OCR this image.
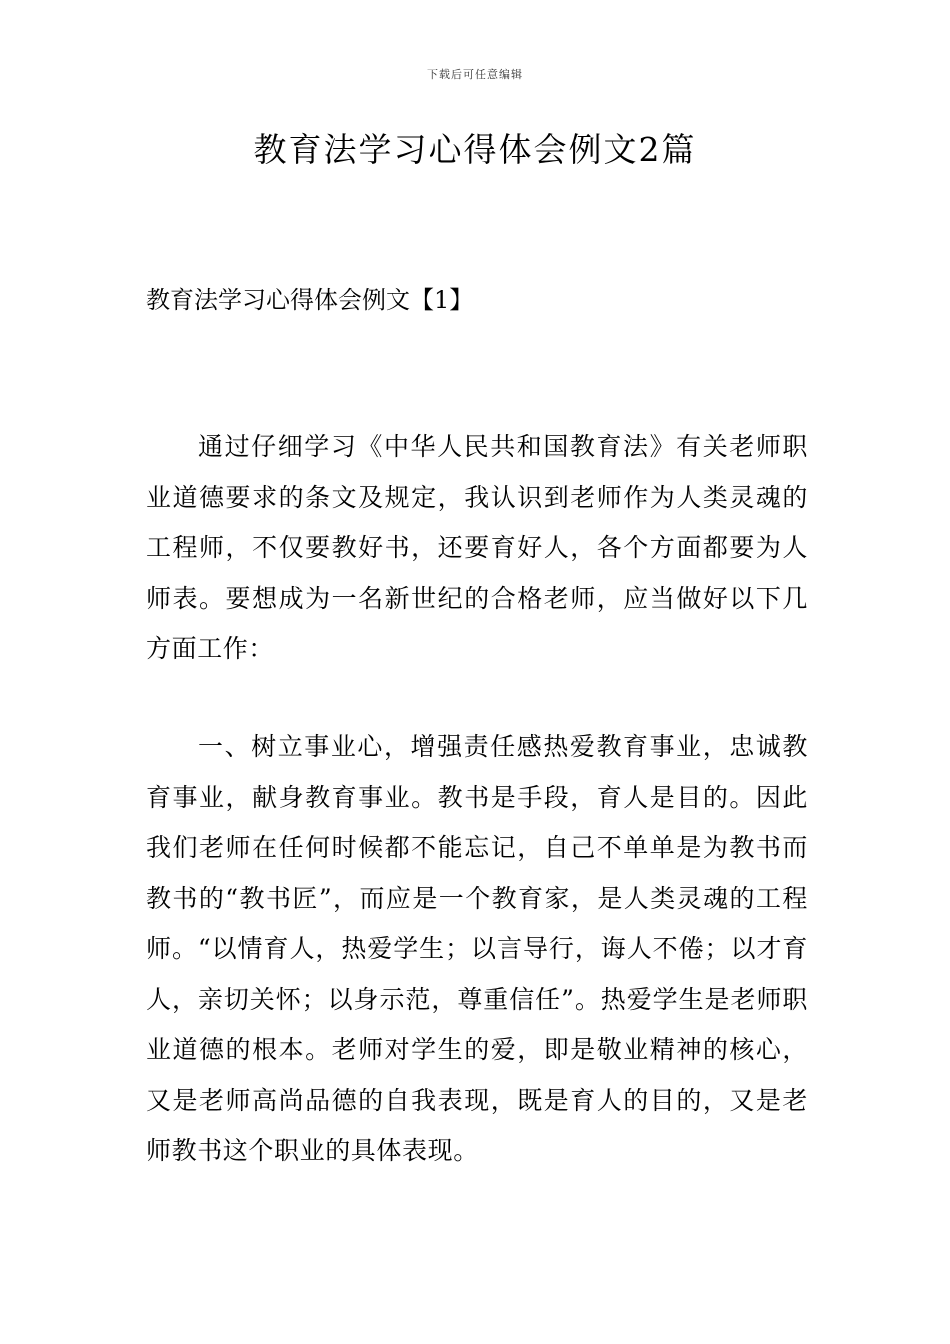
下载后可任意编辑
教育法学习心得体会例文2篇
教育法学习心得体会例文【1】

通过仔细学习《中华人民共和国教育法》有关老师职业道德要求的条文及规定，我认识到老师作为人类灵魂的工程师，不仅要教好书，还要育好人，各个方面都要为人师表。要想成为一名新世纪的合格老师，应当做好以下几方面工作：

一、树立事业心，增强责任感热爱教育事业，忠诚教育事业，献身教育事业。教书是手段，育人是目的。因此我们老师在任何时候都不能忘记，自己不单单是为教书而教书的“教书匠”，而应是一个教育家，是人类灵魂的工程师。“以情育人，热爱学生；以言导行，诲人不倦；以才育人，亲切关怀；以身示范，尊重信任”。热爱学生是老师职业道德的根本。老师对学生的爱，即是敬业精神的核心，又是老师高尚品德的自我表现，既是育人的目的，又是老师教书这个职业的具体表现。
